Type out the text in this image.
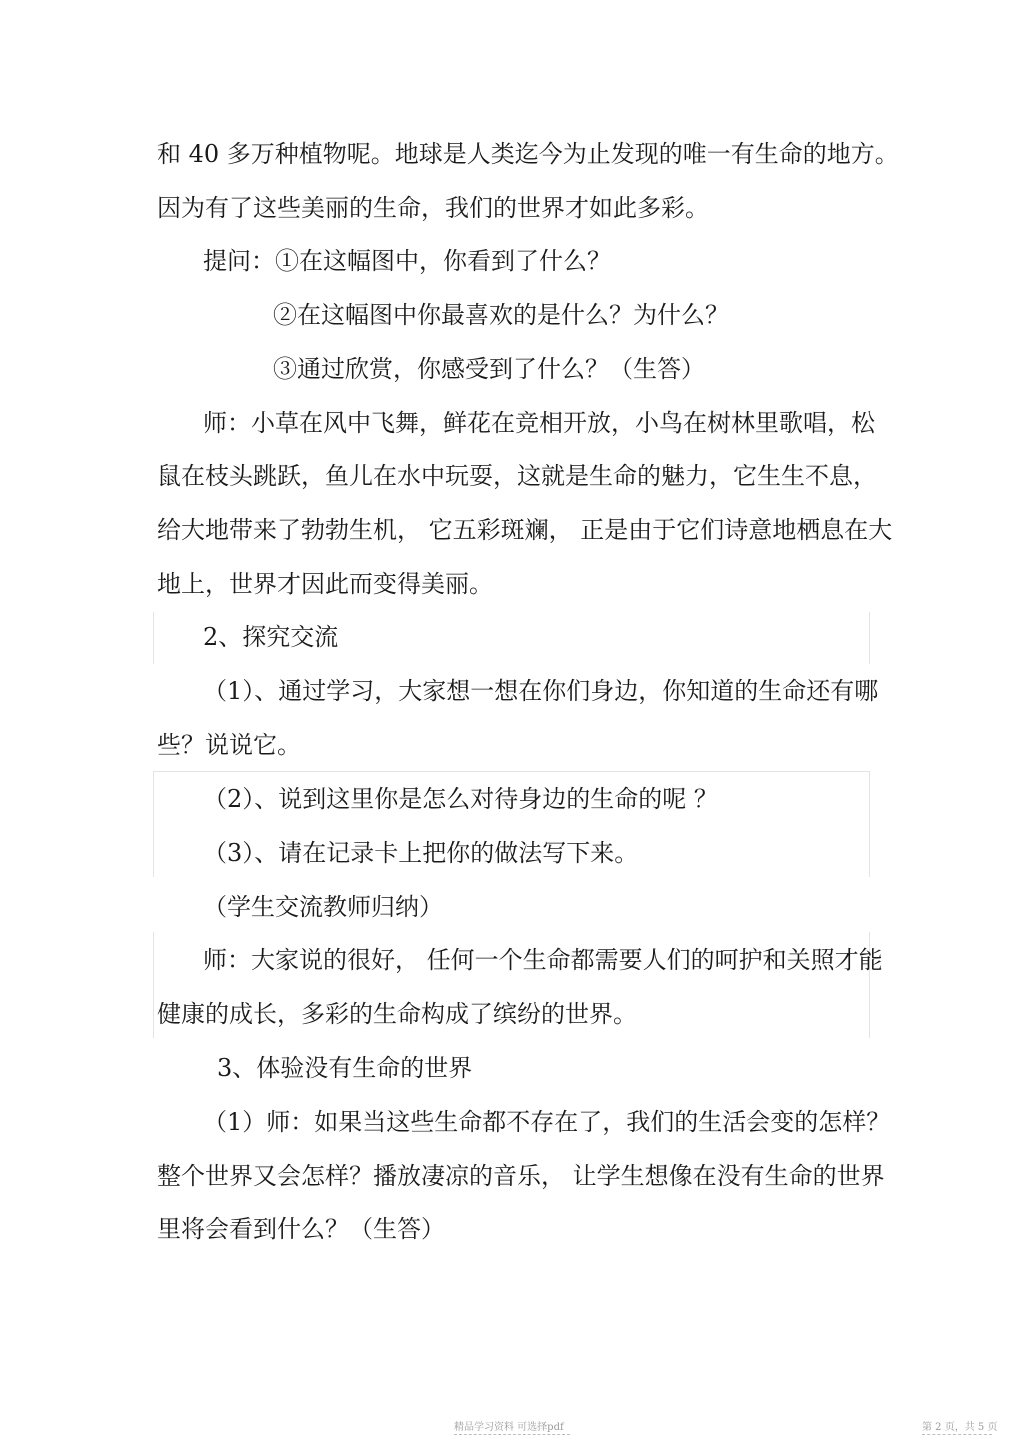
和 40 多万种植物呢。地球是人类迄今为止发现的唯一有生命的地方。
因为有了这些美丽的生命，我们的世界才如此多彩。
提问：①在这幅图中，你看到了什么？
②在这幅图中你最喜欢的是什么？为什么？
③通过欣赏，你感受到了什么？（生答）
师：小草在风中飞舞，鲜花在竞相开放，小鸟在树林里歌唱，松
鼠在枝头跳跃，鱼儿在水中玩耍，这就是生命的魅力，它生生不息，
给大地带来了勃勃生机， 它五彩斑斓， 正是由于它们诗意地栖息在大
地上，世界才因此而变得美丽。
2、探究交流
（1）、通过学习，大家想一想在你们身边，你知道的生命还有哪
些？说说它。
（2）、说到这里你是怎么对待身边的生命的呢 ？
（3）、请在记录卡上把你的做法写下来。
（学生交流教师归纳）
师：大家说的很好， 任何一个生命都需要人们的呵护和关照才能
健康的成长，多彩的生命构成了缤纷的世界。
3、体验没有生命的世界
（1）师：如果当这些生命都不存在了，我们的生活会变的怎样？
整个世界又会怎样？播放凄凉的音乐， 让学生想像在没有生命的世界
里将会看到什么？（生答）
精品学习资料 可选择pdf	第 2 页，共 5 页
